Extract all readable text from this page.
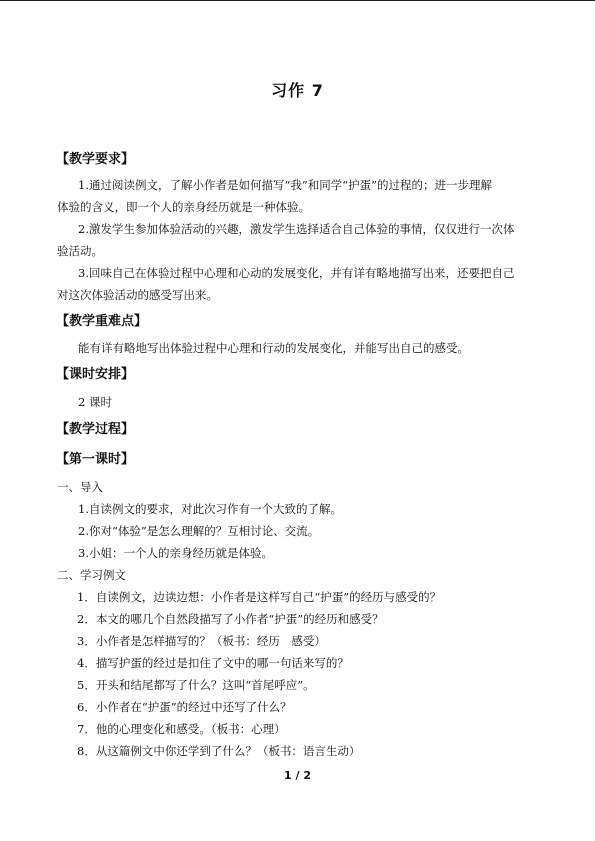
习作 7
【教学要求】
1.通过阅读例文，了解小作者是如何描写“我”和同学“护蛋”的过程的；进一步理解
体验的含义，即一个人的亲身经历就是一种体验。
2.激发学生参加体验活动的兴趣，激发学生选择适合自己体验的事情，仅仅进行一次体
验活动。
3.回味自己在体验过程中心理和心动的发展变化，并有详有略地描写出来，还要把自己
对这次体验活动的感受写出来。
【教学重难点】
能有详有略地写出体验过程中心理和行动的发展变化，并能写出自己的感受。
【课时安排】
2 课时
【教学过程】
【第一课时】
一、导入
1.自读例文的要求，对此次习作有一个大致的了解。
2.你对“体验”是怎么理解的？互相讨论、交流。
3.小姐：一个人的亲身经历就是体验。
二、学习例文
1．自读例文，边读边想：小作者是这样写自己“护蛋”的经历与感受的？
2．本文的哪几个自然段描写了小作者“护蛋”的经历和感受？
3．小作者是怎样描写的？（板书：经历　感受）
4．描写护蛋的经过是扣住了文中的哪一句话来写的？
5．开头和结尾都写了什么？这叫“首尾呼应”。
6．小作者在“护蛋”的经过中还写了什么？
7．他的心理变化和感受。（板书：心理）
8．从这篇例文中你还学到了什么？（板书：语言生动）
1 / 2
